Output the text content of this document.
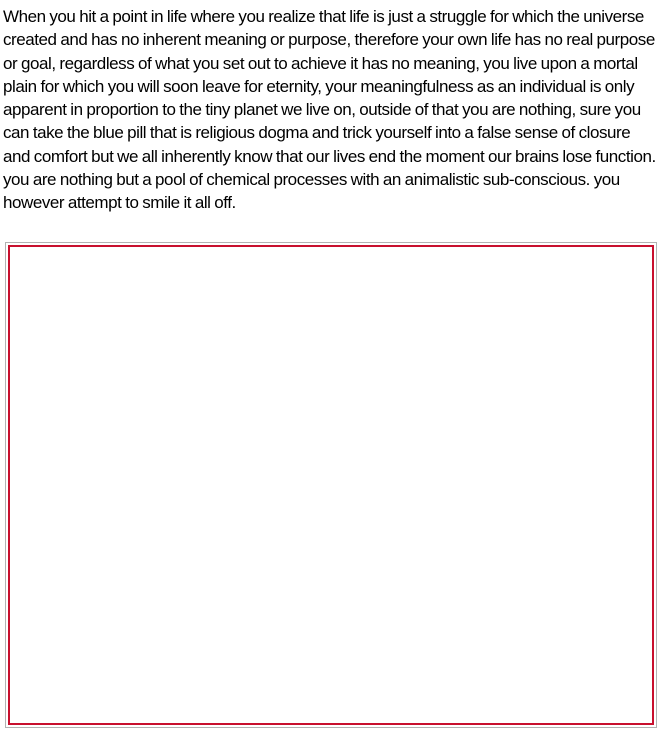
When you hit a point in life where you realize that life is just a struggle for which the universe created and has no inherent meaning or purpose, therefore your own life has no real purpose or goal, regardless of what you set out to achieve it has no meaning, you live upon a mortal plain for which you will soon leave for eternity, your meaningfulness as an individual is only apparent in proportion to the tiny planet we live on, outside of that you are nothing, sure you can take the blue pill that is religious dogma and trick yourself into a false sense of closure and comfort but we all inherently know that our lives end the moment our brains lose function. you are nothing but a pool of chemical processes with an animalistic sub-conscious. you however attempt to smile it all off.
